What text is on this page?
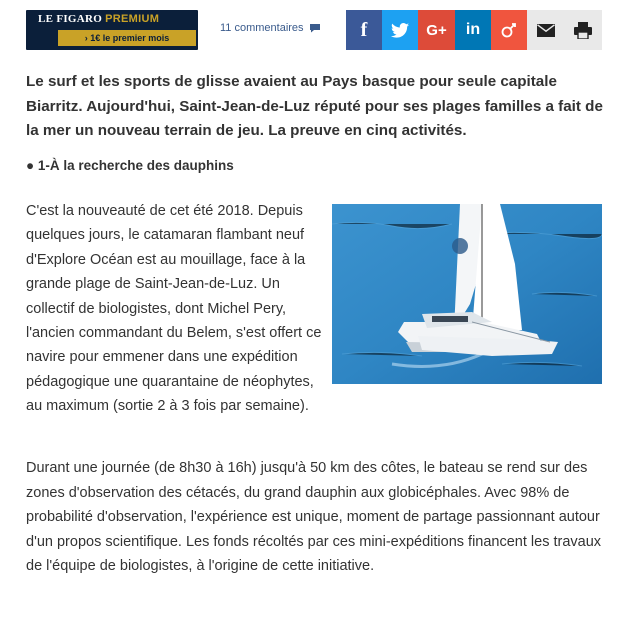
LE FIGARO PREMIUM
› 1€ le premier mois
11 commentaires	f	G+ in

Le surf et les sports de glisse avaient au Pays basque pour seule capitale Biarritz. Aujourd'hui, Saint-Jean-de-Luz réputé pour ses plages familles a fait de la mer un nouveau terrain de jeu. La preuve en cinq activités.

● 1-À la recherche des dauphins

C'est la nouveauté de cet été 2018. Depuis quelques jours, le catamaran flambant neuf d'Explore Océan est au mouillage, face à la grande plage de Saint-Jean-de-Luz. Un collectif de biologistes, dont Michel Pery, l'ancien commandant du Belem, s'est offert ce navire pour emmener dans une expédition pédagogique une quarantaine de néophytes, au maximum (sortie 2 à 3 fois par semaine).

Durant une journée (de 8h30 à 16h) jusqu'à 50 km des côtes, le bateau se rend sur des zones d'observation des cétacés, du grand dauphin aux globicéphales. Avec 98% de probabilité d'observation, l'expérience est unique, moment de partage passionnant autour d'un propos scientifique. Les fonds récoltés par ces mini-expéditions financent les travaux de l'équipe de biologistes, à l'origine de cette initiative.
